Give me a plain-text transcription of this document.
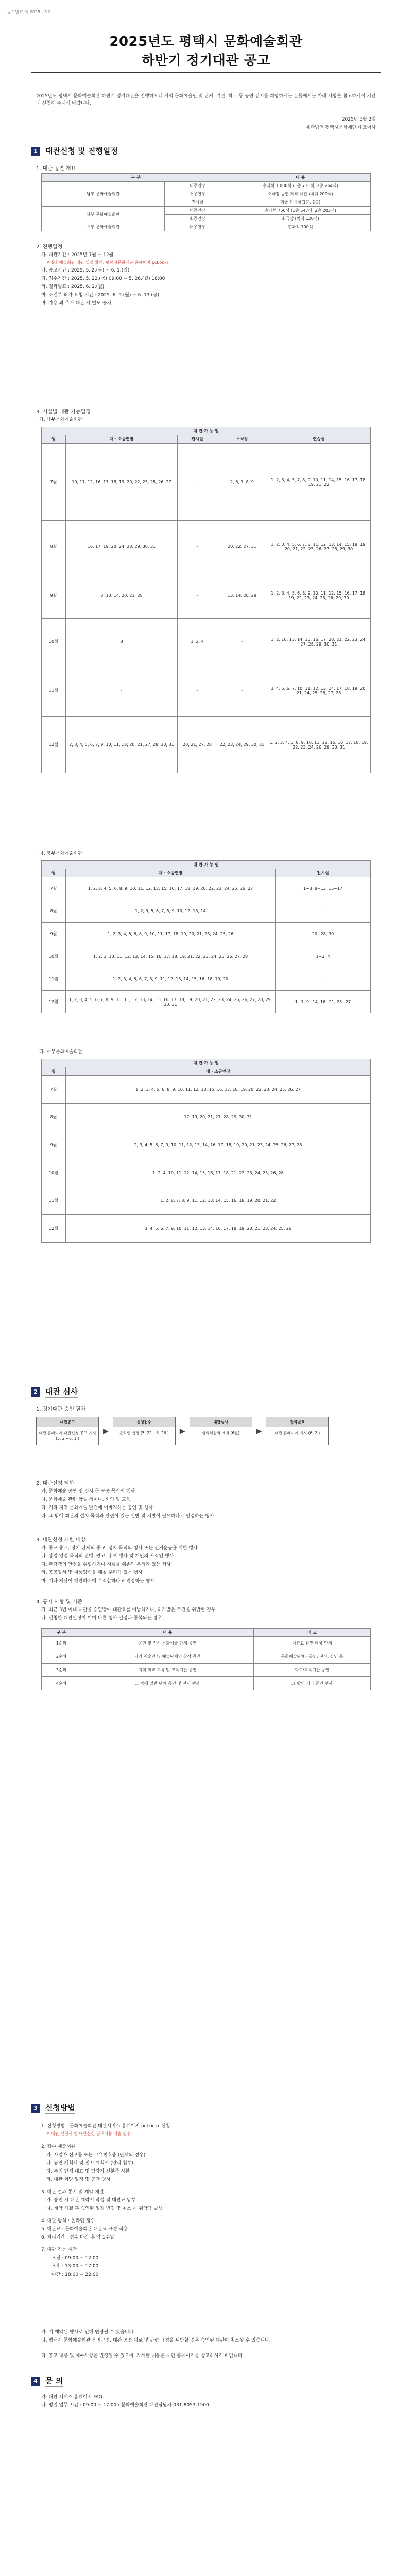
공고번호 제 2025 - 3호
2025년도 평택시 문화예술회관
하반기 정기대관 공고
2025년도 평택시 문화예술회관 하반기 정기대관을 진행하오니 지역 문화예술인 및 단체, 기관, 학교 등 공연·전시를 희망하시는 분들께서는 아래 사항을 참고하시어 기간 내 신청해 주시기 바랍니다.
2025년 5월 2일
재단법인 평택시문화재단 대표이사
1	대관신청 및 진행일정
1. 대관 공연 개요
구 분		내 용
남부 문화예술회관	대공연장	총좌석 1,000석 (1층 736석, 2층 264석)
	소공연장	소극장 공연 제작·대관 (최대 200석)
	전시실	미술 전시실(1층, 2층)
북부 문화예술회관	대공연장	총좌석 750석 (1층 547석, 2층 203석)
	소공연장	소극장 (최대 120석)
서부 문화예술회관	대공연장	총좌석 700석
2. 진행일정
가. 대관기간 : 2025년 7월 ~ 12월
※ 문화예술회관 대관 일정 확인: 평택시문화재단 홈페이지 pcf.or.kr
나. 공고기간 : 2025. 5. 2.(금) ~ 6. 1.(일)
다. 접수기간 : 2025. 5. 22.(목) 09:00 ~ 5. 26.(월) 18:00
라. 결과발표 : 2025. 6. 2.(월)
마. 조건부 허가 요청 기간 : 2025. 6. 9.(월) ~ 6. 13.(금)
바. 가용 외 추가 대관 시 별도 공지
3. 시설별 대관 가능일정
가. 남부문화예술회관
대 관 가 능 일				
월	대 · 소공연장	전시실	소극장	연습실
7월	10, 11, 12, 16, 17, 18, 19, 20, 22, 23, 25, 26, 27	-	2, 6, 7, 8, 9	1, 2, 3, 4, 5, 7, 8, 9, 10, 11, 14, 15, 16, 17, 18, 19, 21, 22
8월	16, 17, 19, 20, 24, 28, 29, 30, 31	-	20, 22, 27, 31	1, 2, 3, 4, 5, 6, 7, 8, 11, 12, 13, 14, 15, 18, 19, 20, 21, 22, 25, 26, 27, 28, 29, 30
9월	3, 10, 14, 20, 21, 28	-	13, 14, 20, 28	1, 2, 3, 4, 5, 6, 8, 9, 10, 11, 12, 15, 16, 17, 18, 19, 22, 23, 24, 25, 26, 29, 30
10월	8	1, 2, 4	-	1, 2, 10, 13, 14, 15, 16, 17, 20, 21, 22, 23, 24, 27, 28, 29, 30, 31
11월	-	-	-	3, 4, 5, 6, 7, 10, 11, 12, 13, 14, 17, 18, 19, 20, 21, 24, 25, 26, 27, 28
12월	2, 3, 4, 5, 6, 7, 9, 10, 11, 18, 20, 21, 27, 28, 30, 31	20, 21, 27, 28	22, 23, 24, 29, 30, 31	1, 2, 3, 4, 5, 8, 9, 10, 11, 12, 15, 16, 17, 18, 19, 22, 23, 24, 26, 29, 30, 31
나. 북부문화예술회관
대 관 가 능 일		
월	대 · 소공연장	전시실
7월	1, 2, 3, 4, 5, 6, 8, 9, 10, 11, 12, 13, 15, 16, 17, 18, 19, 20, 22, 23, 24, 25, 26, 27	1~3, 8~13, 15~17
8월	1, 2, 3, 5, 6, 7, 8, 9, 10, 12, 13, 14	-
9월	1, 2, 3, 4, 5, 6, 8, 9, 10, 11, 17, 18, 19, 20, 21, 23, 24, 25, 26	20~28, 30
10월	1, 2, 3, 10, 11, 12, 13, 14, 15, 16, 17, 18, 19, 21, 22, 23, 24, 25, 26, 27, 28	1~2, 4
11월	1, 2, 3, 4, 5, 6, 7, 8, 9, 11, 12, 13, 14, 15, 16, 18, 19, 20	-
12월	1, 2, 3, 4, 5, 6, 7, 8, 9, 10, 11, 12, 13, 14, 15, 16, 17, 18, 19, 20, 21, 22, 23, 24, 25, 26, 27, 28, 29, 30, 31	1~7, 9~14, 16~21, 23~27
다. 서부문화예술회관
대 관 가 능 일	
월	대 · 소공연장
7월	1, 2, 3, 4, 5, 6, 8, 9, 10, 11, 12, 13, 15, 16, 17, 18, 19, 20, 22, 23, 24, 25, 26, 27
8월	17, 19, 20, 21, 27, 28, 29, 30, 31
9월	2, 3, 4, 5, 6, 7, 9, 10, 11, 12, 13, 14, 16, 17, 18, 19, 20, 21, 23, 24, 25, 26, 27, 28
10월	1, 2, 4, 10, 11, 12, 14, 15, 16, 17, 18, 21, 22, 23, 24, 25, 26, 28
11월	1, 2, 8, 7, 8, 9, 11, 12, 13, 14, 15, 16, 18, 19, 20, 21, 22
12월	3, 4, 5, 6, 7, 9, 10, 11, 12, 13, 14, 16, 17, 18, 19, 20, 21, 23, 24, 25, 26
2	대관 심사
1. 정기대관 승인 절차
대관공고
대관 홈페이지 대관신청 공고 게시 (5. 2.~6. 1.)
▶
신청접수
온라인 신청 (5. 22.~5. 26.)	▶
대관심사
심의위원회 개최 (6월)	▶
결과발표
대관 홈페이지 게시 (6. 2.)
2. 대관신청 제한
가. 문화예술 공연 및 전시 등 공공 목적의 행사
나. 문화예술 관련 학술 세미나, 회의 및 교육
다. 기타 지역 문화예술 발전에 이바지하는 공연 및 행사
라. 그 밖에 회관의 설치 목적과 관련이 있는 일반 및 지방이 필요하다고 인정하는 행사
3. 대관신청 제한 대상
가. 종교 종교, 정치 단체의 종교, 정치 목적의 행사 또는 선거운동을 위한 행사
나. 상업 영업 목적의 판매, 광고, 홍보 행사 및 개인의 사적인 행사
다. 관람객의 안전을 위협하거나 시설물 훼손의 우려가 있는 행사
라. 공공질서 및 미풍양속을 해칠 우려가 있는 행사
마. 기타 재단이 대관하기에 부적합하다고 인정하는 행사
4. 공지 사항 및 기준
가. 최근 3년 이내 대관을 승인받아 대관료를 미납하거나, 허가받은 조건을 위반한 경우
나. 신청한 대관일정이 이미 다른 행사 일정과 중복되는 경우
구 분	내 용	비 고
1순위	공연 및 전시 문화예술 단체 공연	대관료 감면 대상 단체
2순위	지역 예술인 및 예술단체의 창작 공연	문화예술단체 · 공연, 전시, 강연 등
3순위	지역 학교 교육 및 교육기관 공연	학교/교육기관 공연
4순위	그 밖에 일반 단체 공연 및 전시 행사	그 밖의 기타 공연 행사
3	신청방법
1. 신청방법 : 문화예술회관 대관서비스 홈페이지 pcf.or.kr 신청
※ 대관 신청서 및 대관신청 첨부서류 제출 필수
2. 접수 제출서류
가. 사업자 신고증 또는 고유번호증 (단체의 경우)
나. 공연 계획서 및 전시 계획서 (양식 첨부)
다. 주최 단체 대표 및 담당자 신분증 사본
라. 대관 희망 일정 및 공간 명시
3. 대관 결과 통지 및 계약 체결
가. 승인 시 대관 계약서 작성 및 대관료 납부
나. 계약 체결 후 승인된 일정 변경 및 취소 시 위약금 발생
4. 대관 방식 : 온라인 접수
5. 대관료 : 문화예술회관 대관료 규정 적용
6. 처리기간 : 접수 마감 후 약 1주일
7. 대관 가능 시간
오전 : 09:00 ~ 12:00
오후 : 13:00 ~ 17:00
야간 : 18:00 ~ 22:00
가. 기 예약된 행사로 인해 변경될 수 있습니다.
나. 평택시 문화예술회관 운영규정, 대관 공정 대로 및 관련 규정을 위반할 경우 승인된 대관이 취소될 수 있습니다.
다. 공고 내용 및 세부사항은 변경될 수 있으며, 자세한 내용은 재단 홈페이지를 참고하시기 바랍니다.
4	문 의
가. 대관 서비스 홈페이지 FAQ
나. 평일 업무 시간 : 09:00 ~ 17:00 / 문화예술회관 대관담당자 031-8053-1500
